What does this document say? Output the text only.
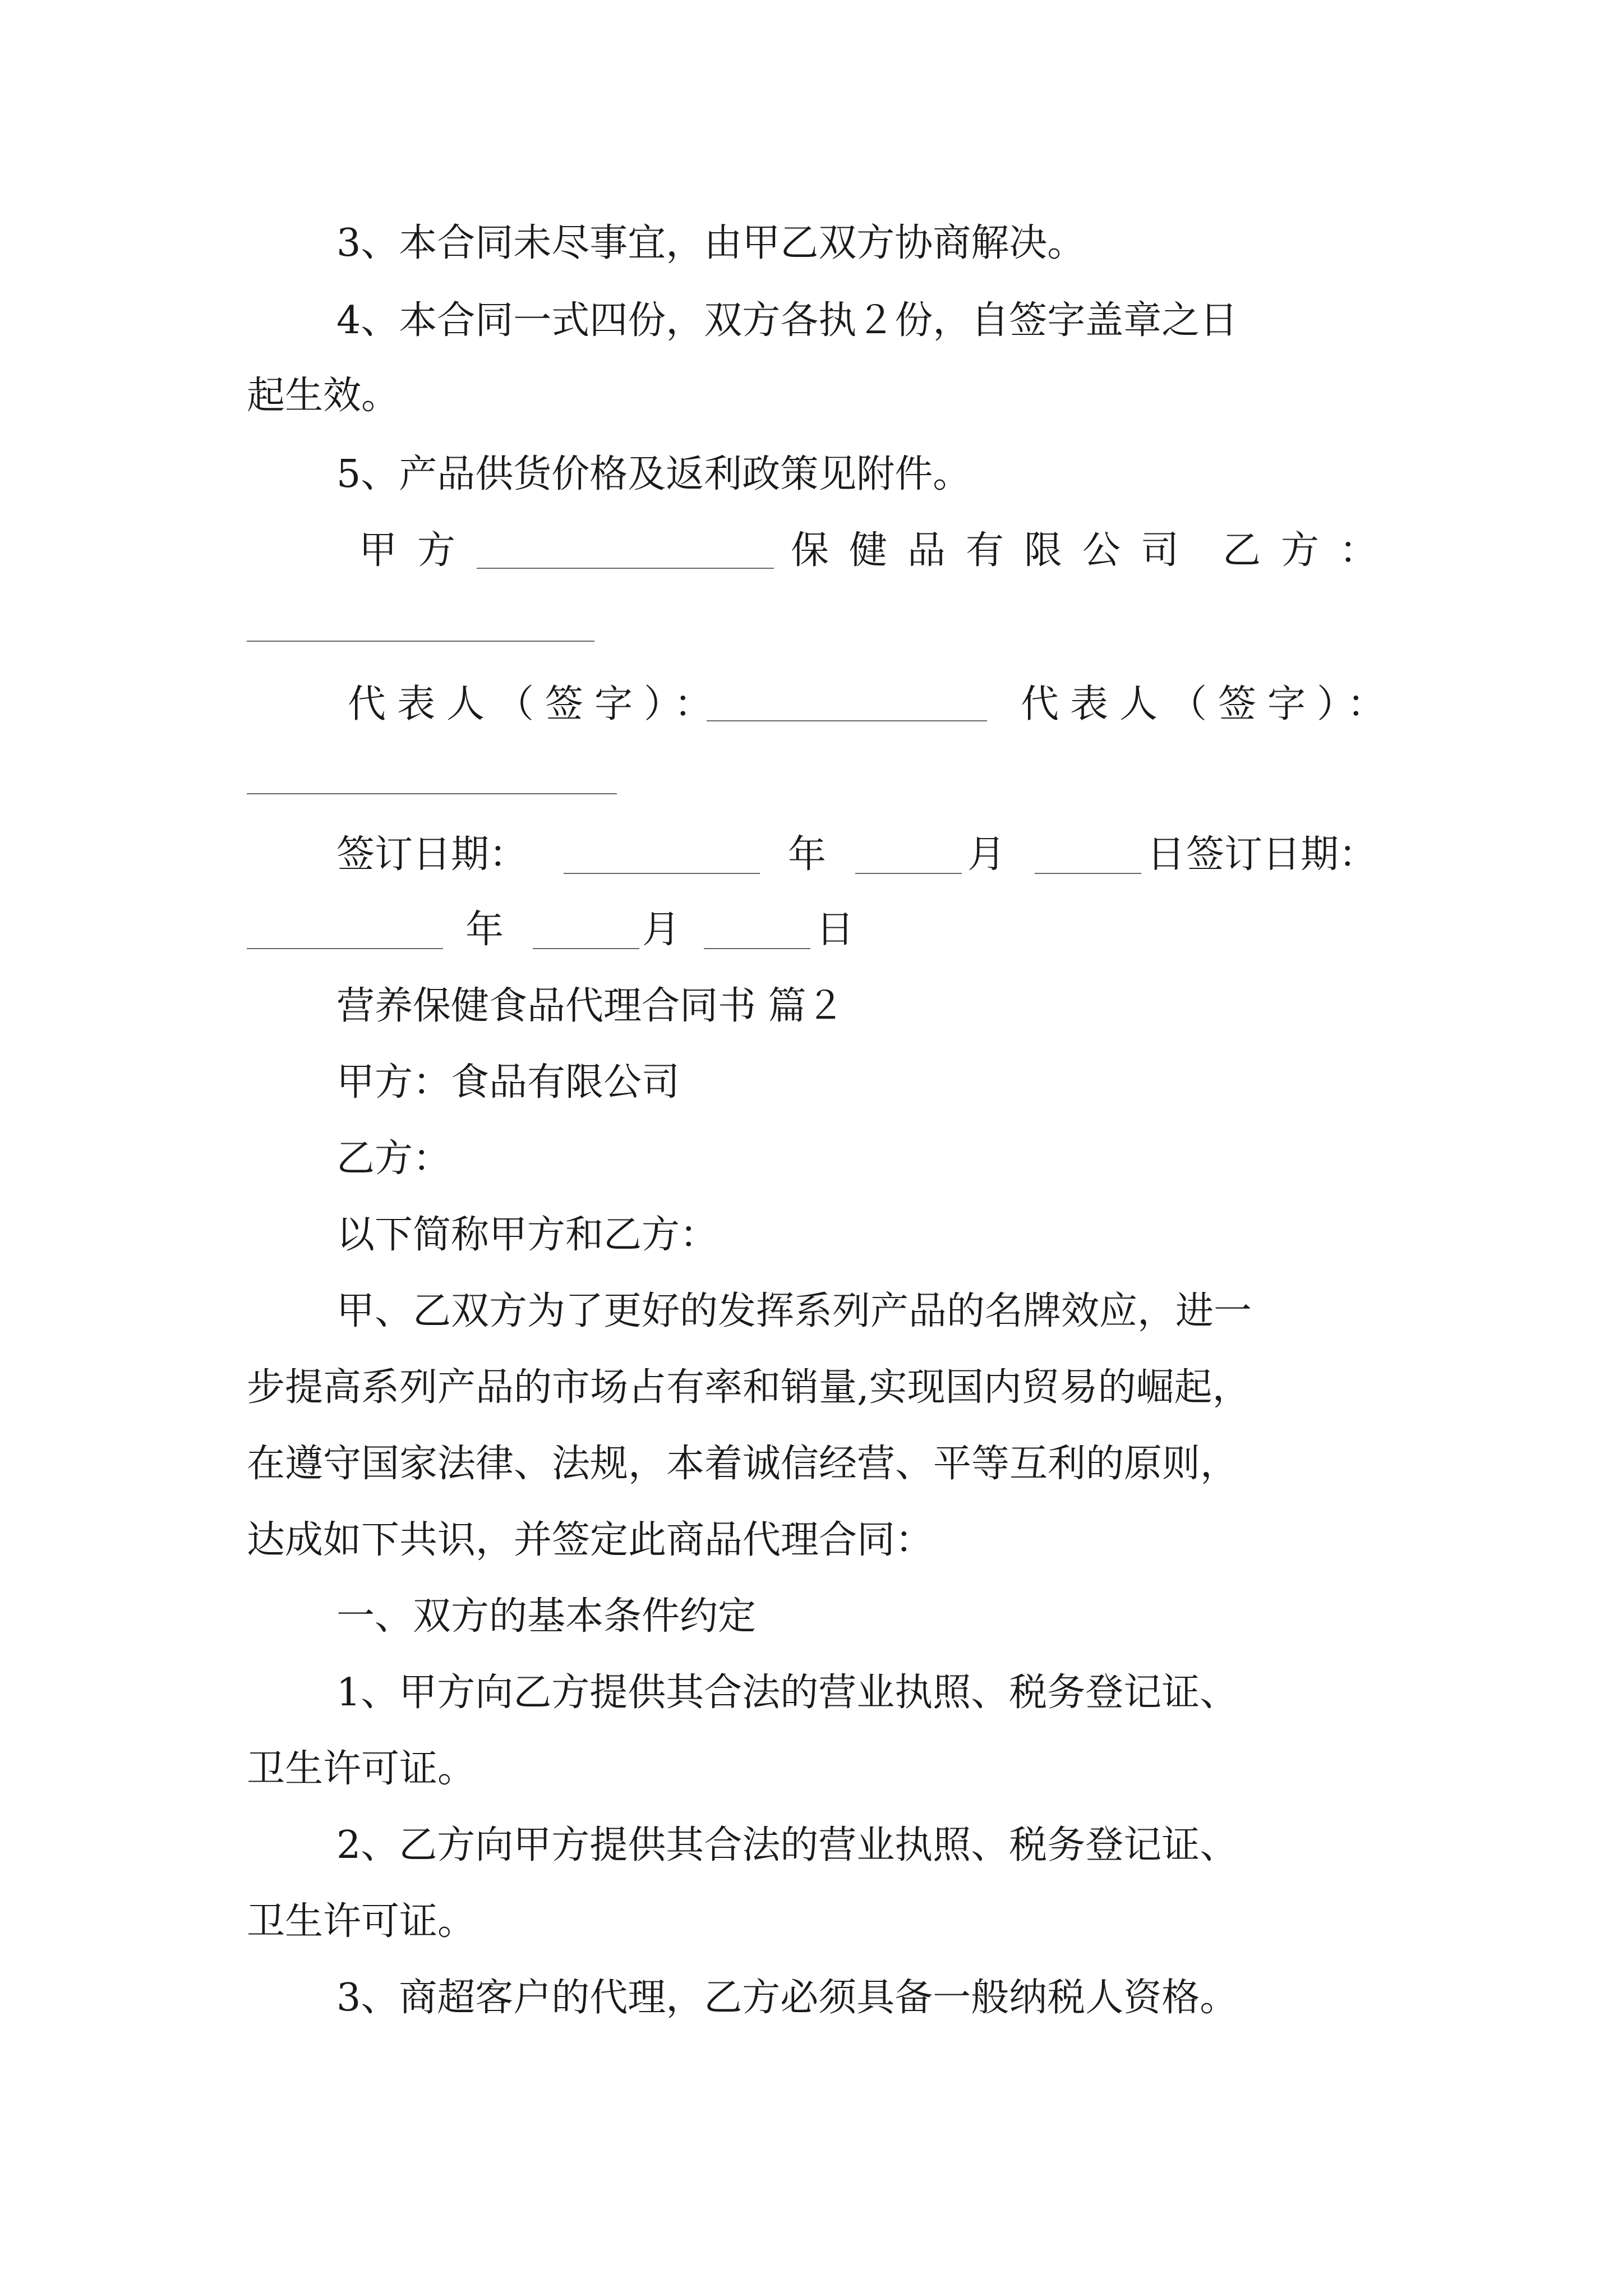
3、本合同未尽事宜，由甲乙双方协商解决。
4、本合同一式四份，双方各执２份，自签字盖章之日
起生效。
5、产品供货价格及返利政策见附件。
甲方	保健品有限公司 乙方：
代表人（签字）：	代表人（签字）：
签订日期：	年	月	日 签订日期：
年	月	日
营养保健食品代理合同书 篇２
甲方：食品有限公司
乙方：
以下简称甲方和乙方：
甲、乙双方为了更好的发挥系列产品的名牌效应，进一
步提高系列产品的市场占有率和销量,实现国内贸易的崛起，
在遵守国家法律、法规，本着诚信经营、平等互利的原则，
达成如下共识，并签定此商品代理合同：
一、双方的基本条件约定
1、甲方向乙方提供其合法的营业执照、税务登记证、
卫生许可证。
2、乙方向甲方提供其合法的营业执照、税务登记证、
卫生许可证。
3、商超客户的代理，乙方必须具备一般纳税人资格。
